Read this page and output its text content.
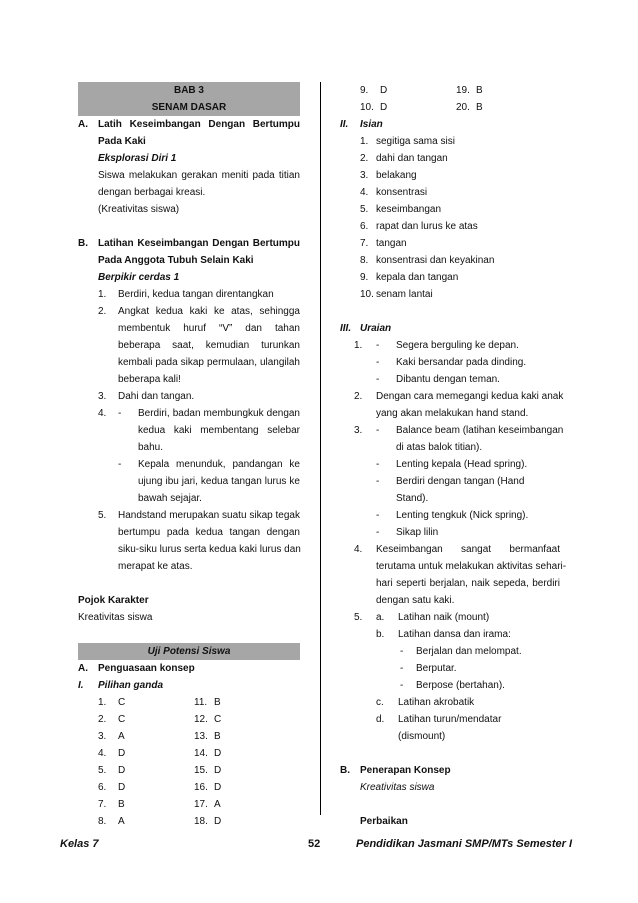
BAB 3
SENAM DASAR
A. Latih Keseimbangan Dengan Bertumpu
Pada Kaki
Eksplorasi Diri 1
Siswa melakukan gerakan meniti pada titian
dengan berbagai kreasi.
(Kreativitas siswa)
B. Latihan Keseimbangan Dengan Bertumpu
Pada Anggota Tubuh Selain Kaki
Berpikir cerdas 1
1. Berdiri, kedua tangan direntangkan
2. Angkat kedua kaki ke atas, sehingga
membentuk huruf “V” dan tahan
beberapa saat, kemudian turunkan
kembali pada sikap permulaan, ulangilah
beberapa kali!
3. Dahi dan tangan.
4. - Berdiri, badan membungkuk dengan
kedua kaki membentang selebar
bahu.
- Kepala menunduk, pandangan ke
ujung ibu jari, kedua tangan lurus ke
bawah sejajar.
5. Handstand merupakan suatu sikap tegak
bertumpu pada kedua tangan dengan
siku-siku lurus serta kedua kaki lurus dan
merapat ke atas.
Pojok Karakter
Kreativitas siswa
Uji Potensi Siswa
A. Penguasaan konsep
I. Pilihan ganda
1. C	11. B
2. C	12. C
3. A	13. B
4. D	14. D
5. D	15. D
6. D	16. D
7. B	17. A
8. A	18. D
9. D	19. B
10. D	20. B
II. Isian
1. segitiga sama sisi
2. dahi dan tangan
3. belakang
4. konsentrasi
5. keseimbangan
6. rapat dan lurus ke atas
7. tangan
8. konsentrasi dan keyakinan
9. kepala dan tangan
10. senam lantai
III. Uraian
1. - Segera berguling ke depan.
- Kaki bersandar pada dinding.
- Dibantu dengan teman.
2. Dengan cara memegangi kedua kaki anak
yang akan melakukan hand stand.
3. - Balance beam (latihan keseimbangan
di atas balok titian).
- Lenting kepala (Head spring).
- Berdiri dengan tangan (Hand
Stand).
- Lenting tengkuk (Nick spring).
- Sikap lilin
4. Keseimbangan sangat bermanfaat
terutama untuk melakukan aktivitas sehari-
hari seperti berjalan, naik sepeda, berdiri
dengan satu kaki.
5. a. Latihan naik (mount)
b. Latihan dansa dan irama:
- Berjalan dan melompat.
- Berputar.
- Berpose (bertahan).
c. Latihan akrobatik
d. Latihan turun/mendatar
(dismount)
B. Penerapan Konsep
Kreativitas siswa
Perbaikan
Kelas 7	52	Pendidikan Jasmani SMP/MTs Semester I
